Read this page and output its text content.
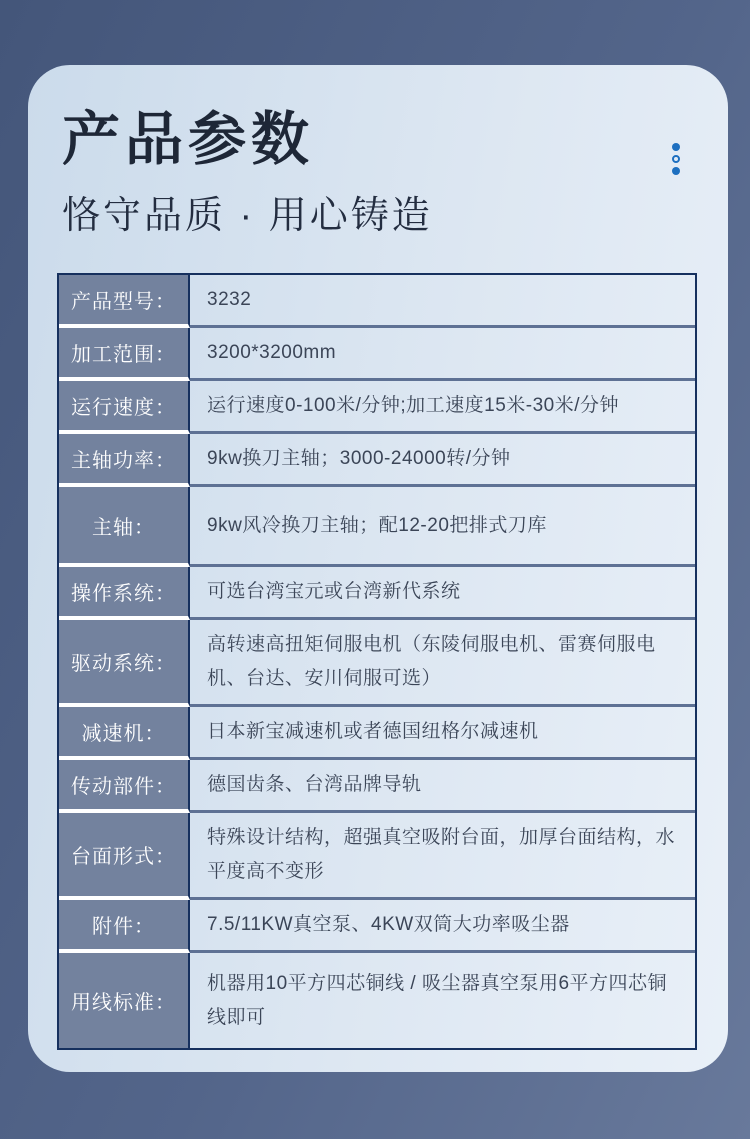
产品参数
恪守品质 · 用心铸造
产品型号：	3232
加工范围：	3200*3200mm
运行速度：	运行速度0-100米/分钟;加工速度15米-30米/分钟
主轴功率：	9kw换刀主轴；3000-24000转/分钟
主轴：	9kw风冷换刀主轴；配12-20把排式刀库
操作系统：	可选台湾宝元或台湾新代系统
驱动系统：
高转速高扭矩伺服电机（东陵伺服电机、雷赛伺服电机、台达、安川伺服可选）
减速机：	日本新宝减速机或者德国纽格尔减速机
传动部件：	德国齿条、台湾品牌导轨
台面形式：
特殊设计结构，超强真空吸附台面，加厚台面结构，水平度高不变形
附件：	7.5/11KW真空泵、4KW双筒大功率吸尘器
用线标准：
机器用10平方四芯铜线 / 吸尘器真空泵用6平方四芯铜线即可
